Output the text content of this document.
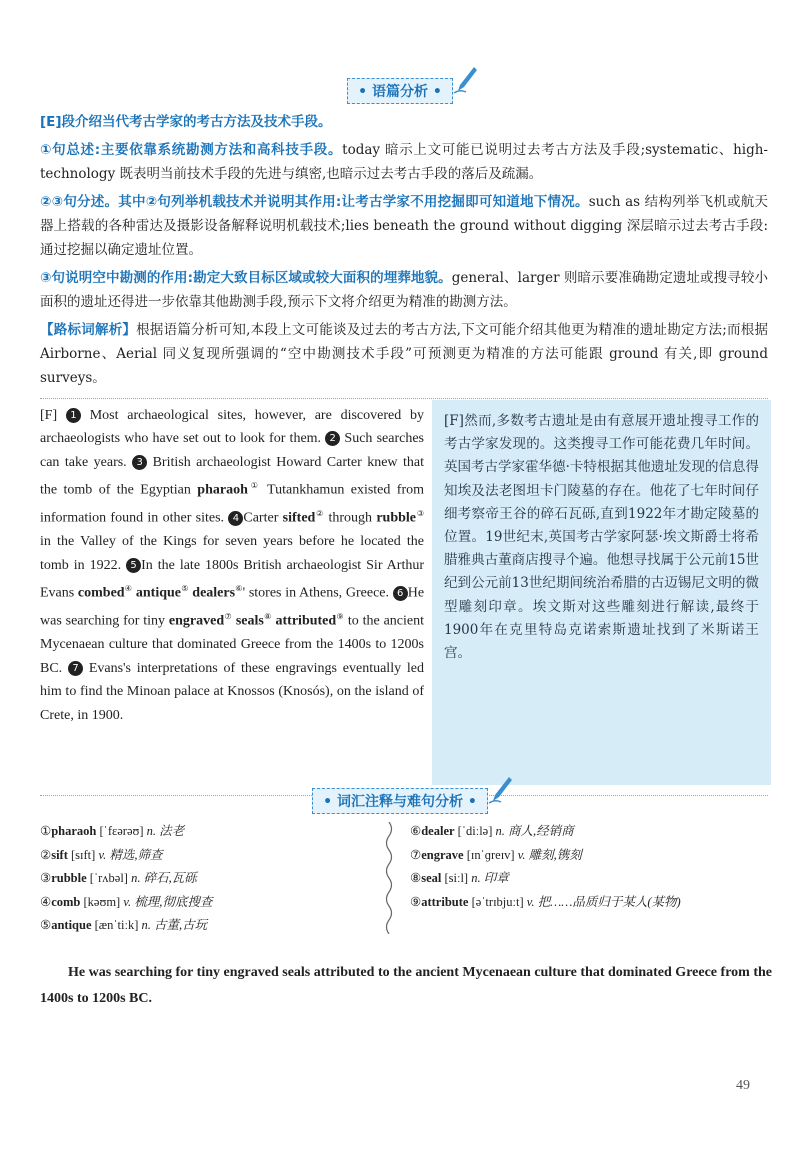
• 语篇分析 •

[E]段介绍当代考古学家的考古方法及技术手段。

①句总述:主要依靠系统勘测方法和高科技手段。today 暗示上文可能已说明过去考古方法及手段;systematic、high-technology 既表明当前技术手段的先进与缜密,也暗示过去考古手段的落后及疏漏。

②③句分述。其中②句列举机载技术并说明其作用:让考古学家不用挖掘即可知道地下情况。such as 结构列举飞机或航天器上搭载的各种雷达及摄影设备解释说明机载技术;lies beneath the ground without digging 深层暗示过去考古手段:通过挖掘以确定遗址位置。

③句说明空中勘测的作用:勘定大致目标区域或较大面积的埋葬地貌。general、larger 则暗示要准确勘定遗址或搜寻较小面积的遗址还得进一步依靠其他勘测手段,预示下文将介绍更为精准的勘测方法。

【路标词解析】根据语篇分析可知,本段上文可能谈及过去的考古方法,下文可能介绍其他更为精准的遗址勘定方法;而根据 Airborne、Aerial 同义复现所强调的“空中勘测技术手段”可预测更为精准的方法可能跟 ground 有关,即 ground surveys。

[F] 1 Most archaeological sites, however, are discovered by archaeologists who have set out to look for them. 2 Such searches can take years. 3 British archaeologist Howard Carter knew that the tomb of the Egyptian pharaoh① Tutankhamun existed from information found in other sites. 4 Carter sifted② through rubble③ in the Valley of the Kings for seven years before he located the tomb in 1922. 5 In the late 1800s British archaeologist Sir Arthur Evans combed④ antique⑤ dealers⑥' stores in Athens, Greece. 6 He was searching for tiny engraved⑦ seals⑧ attributed⑨ to the ancient Mycenaean culture that dominated Greece from the 1400s to 1200s BC. 7 Evans's interpretations of these engravings eventually led him to find the Minoan palace at Knossos (Knosós), on the island of Crete, in 1900.
[F]然而,多数考古遗址是由有意展开遗址搜寻工作的考古学家发现的。这类搜寻工作可能花费几年时间。英国考古学家霍华德·卡特根据其他遗址发现的信息得知埃及法老图坦卡门陵墓的存在。他花了七年时间仔细考察帝王谷的碎石瓦砾,直到1922年才勘定陵墓的位置。19世纪末,英国考古学家阿瑟·埃文斯爵士将希腊雅典古董商店搜寻个遍。他想寻找属于公元前15世纪到公元前13世纪期间统治希腊的古迈锡尼文明的微型雕刻印章。埃文斯对这些雕刻进行解读,最终于1900年在克里特岛克诺索斯遗址找到了米斯诺王宫。
• 词汇注释与难句分析 •
①pharaoh [ˈfɛərəʊ] n. 法老
②sift [sɪft] v. 精选,筛查
③rubble [ˈrʌbəl] n. 碎石,瓦砾
④comb [kəʊm] v. 梳理,彻底搜查
⑤antique [ænˈtiːk] n. 古董,古玩
⑥dealer [ˈdiːlə] n. 商人,经销商
⑦engrave [ɪnˈɡreɪv] v. 雕刻,镌刻
⑧seal [siːl] n. 印章
⑨attribute [əˈtrɪbjuːt] v. 把……品质归于某人(某物)
He was searching for tiny engraved seals attributed to the ancient Mycenaean culture that dominated Greece from the 1400s to 1200s BC.
49
